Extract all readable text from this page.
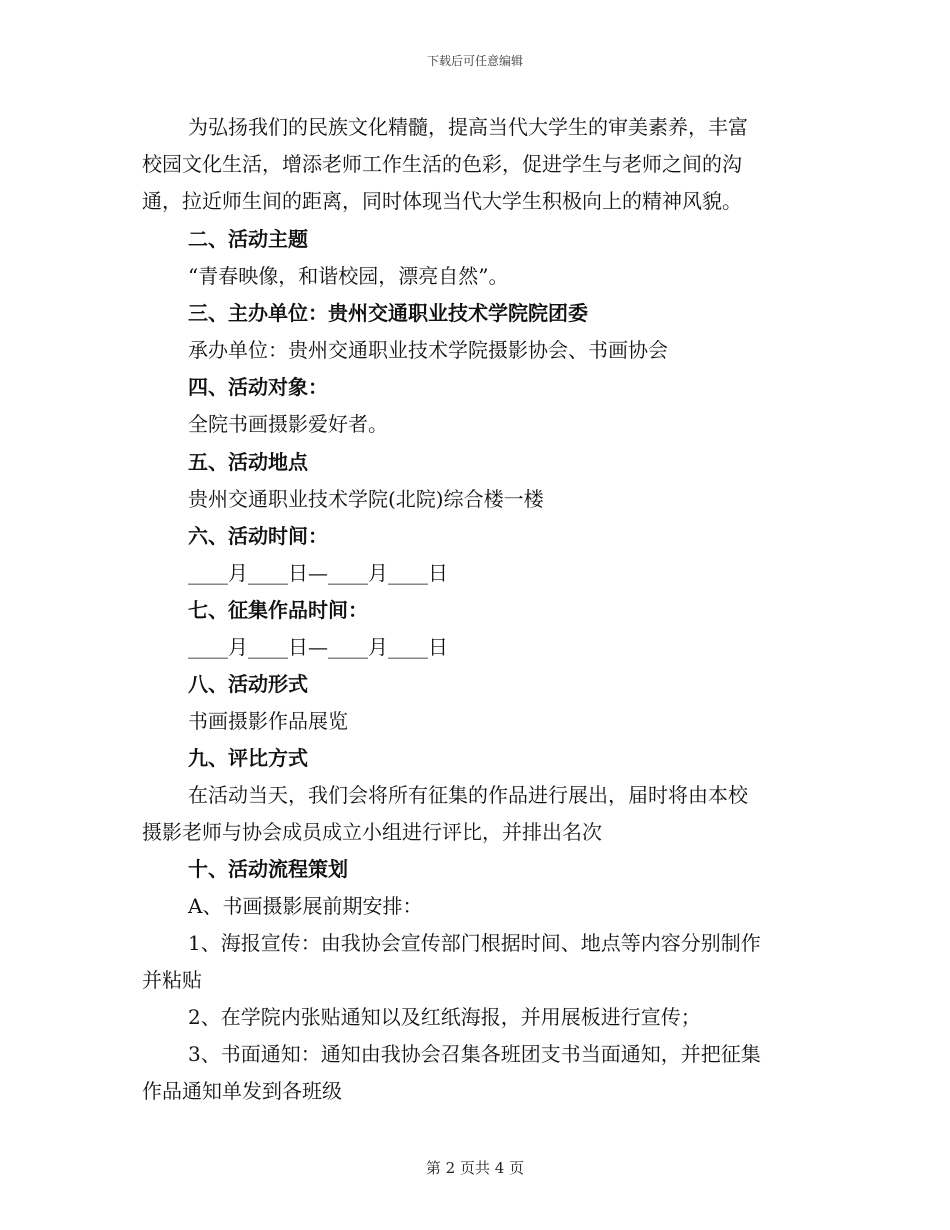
下载后可任意编辑
为弘扬我们的民族文化精髓，提高当代大学生的审美素养，丰富
校园文化生活，增添老师工作生活的色彩，促进学生与老师之间的沟
通，拉近师生间的距离，同时体现当代大学生积极向上的精神风貌。
二、活动主题
“青春映像，和谐校园，漂亮自然”。
三、主办单位：贵州交通职业技术学院院团委
承办单位：贵州交通职业技术学院摄影协会、书画协会
四、活动对象：
全院书画摄影爱好者。
五、活动地点
贵州交通职业技术学院(北院)综合楼一楼
六、活动时间：
____月____日—____月____日
七、征集作品时间：
____月____日—____月____日
八、活动形式
书画摄影作品展览
九、评比方式
在活动当天，我们会将所有征集的作品进行展出，届时将由本校
摄影老师与协会成员成立小组进行评比，并排出名次
十、活动流程策划
A、书画摄影展前期安排：
1、海报宣传：由我协会宣传部门根据时间、地点等内容分别制作
并粘贴
2、在学院内张贴通知以及红纸海报，并用展板进行宣传；
3、书面通知：通知由我协会召集各班团支书当面通知，并把征集
作品通知单发到各班级
第 2 页共 4 页
